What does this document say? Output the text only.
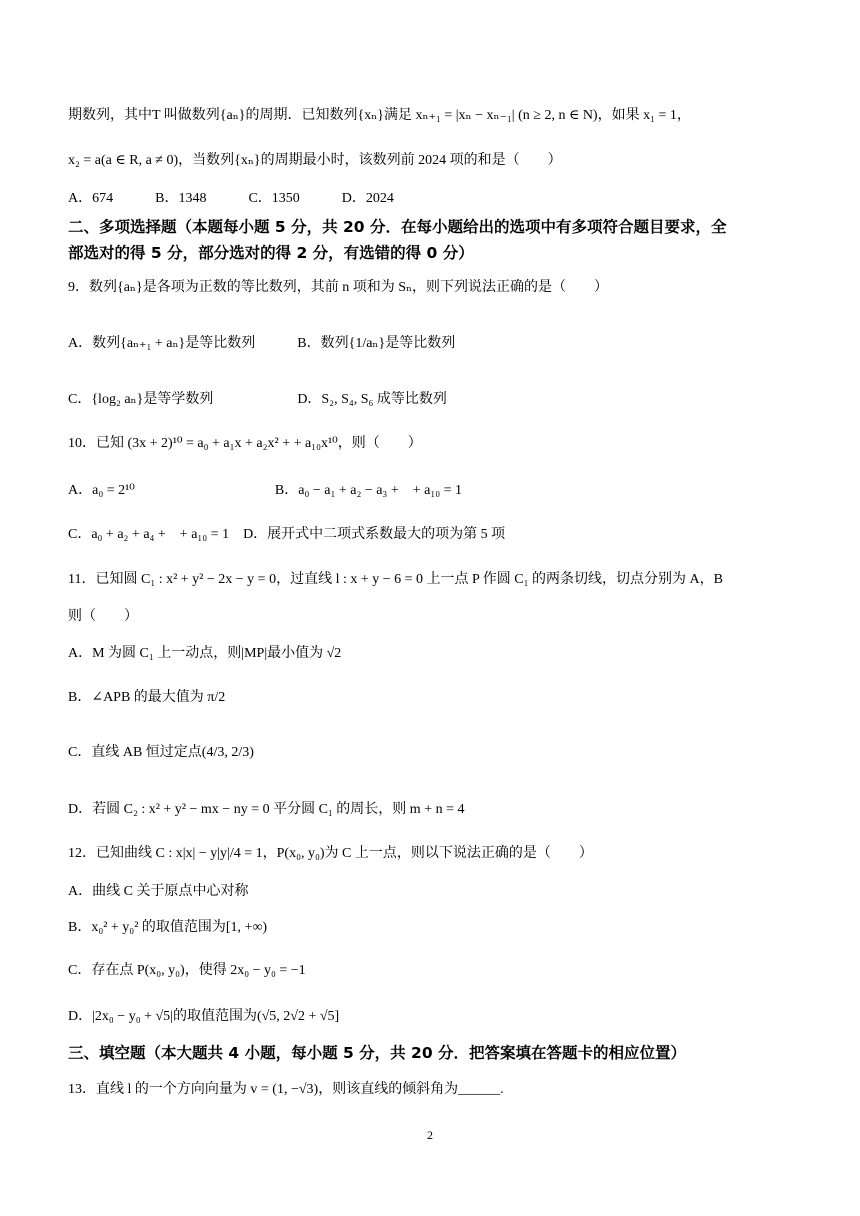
期数列，其中T 叫做数列{aₙ}的周期．已知数列{xₙ}满足 xₙ₊₁ = |xₙ − xₙ₋₁| (n ≥ 2, n ∈ N)，如果 x₁ = 1，
x₂ = a(a ∈ R, a ≠ 0)，当数列{xₙ}的周期最小时，该数列前 2024 项的和是（　　）
A．674　　　B．1348　　　C．1350　　　D．2024
二、多项选择题（本题每小题 5 分，共 20 分．在每小题给出的选项中有多项符合题目要求，全
部选对的得 5 分，部分选对的得 2 分，有选错的得 0 分）
9．数列{aₙ}是各项为正数的等比数列，其前 n 项和为 Sₙ，则下列说法正确的是（　　）
A．数列{aₙ₊₁ + aₙ}是等比数列　　　B．数列{1/aₙ}是等比数列
C．{log₂ aₙ}是等学数列　　　　　　D．S₂, S₄, S₆ 成等比数列
10．已知 (3x + 2)¹⁰ = a₀ + a₁x + a₂x² + + a₁₀x¹⁰，则（　　）
A．a₀ = 2¹⁰　　　　　　　　　　B．a₀ − a₁ + a₂ − a₃ +　+ a₁₀ = 1
C．a₀ + a₂ + a₄ +　+ a₁₀ = 1　D．展开式中二项式系数最大的项为第 5 项
11．已知圆 C₁ : x² + y² − 2x − y = 0，过直线 l : x + y − 6 = 0 上一点 P 作圆 C₁ 的两条切线，切点分别为 A，B
则（　　）
A．M 为圆 C₁ 上一动点，则|MP|最小值为 √2
B．∠APB 的最大值为 π/2
C．直线 AB 恒过定点(4/3, 2/3)
D．若圆 C₂ : x² + y² − mx − ny = 0 平分圆 C₁ 的周长，则 m + n = 4
12．已知曲线 C : x|x| − y|y|/4 = 1，P(x₀, y₀)为 C 上一点，则以下说法正确的是（　　）
A．曲线 C 关于原点中心对称
B．x₀² + y₀² 的取值范围为[1, +∞)
C．存在点 P(x₀, y₀)，使得 2x₀ − y₀ = −1
D．|2x₀ − y₀ + √5|的取值范围为(√5, 2√2 + √5]
三、填空题（本大题共 4 小题，每小题 5 分，共 20 分．把答案填在答题卡的相应位置）
13．直线 l 的一个方向向量为 v = (1, −√3)，则该直线的倾斜角为______.
2
